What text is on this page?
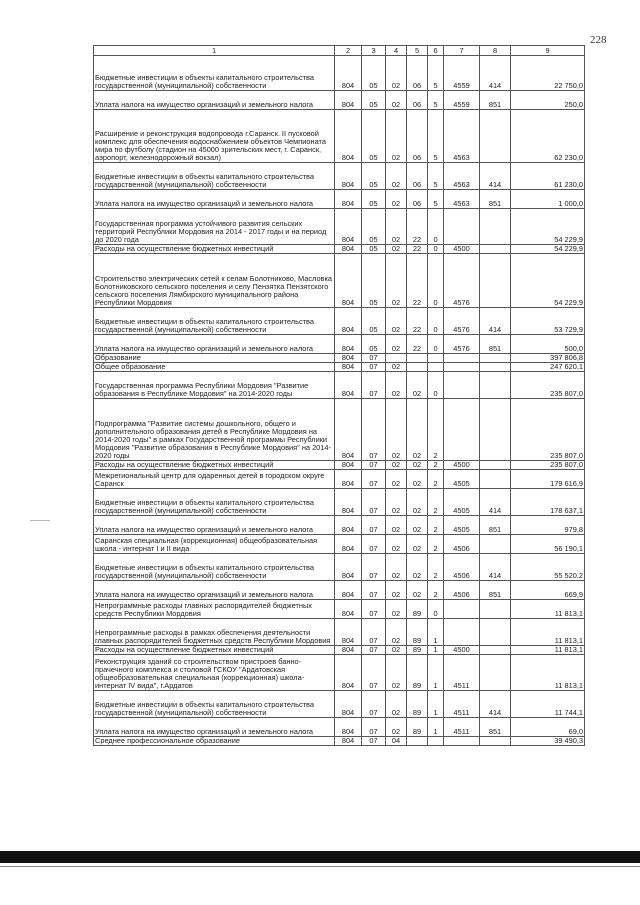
228
1	2	3	4	5	6	7	8	9
Бюджетные инвестиции в объекты капитального строительства государственной (муниципальной) собственности	804	05	02	06	5	4559	414	22 750,0
Уплата налога на имущество организаций и земельного налога	804	05	02	06	5	4559	851	250,0
Расширение и реконструкция водопровода г.Саранск. II пусковой комплекс для обеспечения водоснабжением объектов Чемпионата мира по футболу (стадион на 45000 зрительских мест, г. Саранск, аэропорт, железнодорожный вокзал)	804	05	02	06	5	4563		62 230,0
Бюджетные инвестиции в объекты капитального строительства государственной (муниципальной) собственности	804	05	02	06	5	4563	414	61 230,0
Уплата налога на имущество организаций и земельного налога	804	05	02	06	5	4563	851	1 000,0
Государственная программа устойчивого развития сельских территорий Республики Мордовия на 2014 - 2017 годы и на период до 2020 года	804	05	02	22	0			54 229,9
Расходы на осуществление бюджетных инвестиций	804	05	02	22	0	4500		54 229,9
Строительство электрических сетей к селам Болотниково, Масловка Болотниковского сельского поселения и селу Пензятка Пензятского сельского поселения Лямбирского муниципального района Республики Мордовия	804	05	02	22	0	4576		54 229,9
Бюджетные инвестиции в объекты капитального строительства государственной (муниципальной) собственности	804	05	02	22	0	4576	414	53 729,9
Уплата налога на имущество организаций и земельного налога	804	05	02	22	0	4576	851	500,0
Образование	804	07						397 806,8
Общее образование	804	07	02					247 620,1
Государственная программа Республики Мордовия "Развитие образования в Республике Мордовия" на 2014-2020 годы	804	07	02	02	0			235 807,0
Подпрограмма "Развитие системы дошкольного, общего и дополнительного образования детей в Республике Мордовия на 2014-2020 годы" в рамках Государственной программы Республики Мордовия "Развитие образования в Республике Мордовия" на 2014-2020 годы	804	07	02	02	2			235 807,0
Расходы на осуществление бюджетных инвестиций	804	07	02	02	2	4500		235 807,0
Межрегиональный центр для одаренных детей в городском округе Саранск	804	07	02	02	2	4505		179 616,9
Бюджетные инвестиции в объекты капитального строительства государственной (муниципальной) собственности	804	07	02	02	2	4505	414	178 637,1
Уплата налога на имущество организаций и земельного налога	804	07	02	02	2	4505	851	979,8
Саранская специальная (коррекционная) общеобразовательная школа - интернат I и II вида	804	07	02	02	2	4506		56 190,1
Бюджетные инвестиции в объекты капитального строительства государственной (муниципальной) собственности	804	07	02	02	2	4506	414	55 520,2
Уплата налога на имущество организаций и земельного налога	804	07	02	02	2	4506	851	669,9
Непрограммные расходы главных распорядителей бюджетных средств Республики Мордовия	804	07	02	89	0			11 813,1
Непрограммные расходы в рамках обеспечения деятельности главных распорядителей бюджетных средств Республики Мордовия	804	07	02	89	1			11 813,1
Расходы на осуществление бюджетных инвестиций	804	07	02	89	1	4500		11 813,1
Реконструкция зданий со строительством пристроев банно-прачечного комплекса и столовой ГСКОУ "Ардатовская общеобразовательная специальная (коррекционная) школа-интернат IV вида", г.Ардатов	804	07	02	89	1	4511		11 813,1
Бюджетные инвестиции в объекты капитального строительства государственной (муниципальной) собственности	804	07	02	89	1	4511	414	11 744,1
Уплата налога на имущество организаций и земельного налога	804	07	02	89	1	4511	851	69,0
Среднее профессиональное образование	804	07	04					39 490,3
